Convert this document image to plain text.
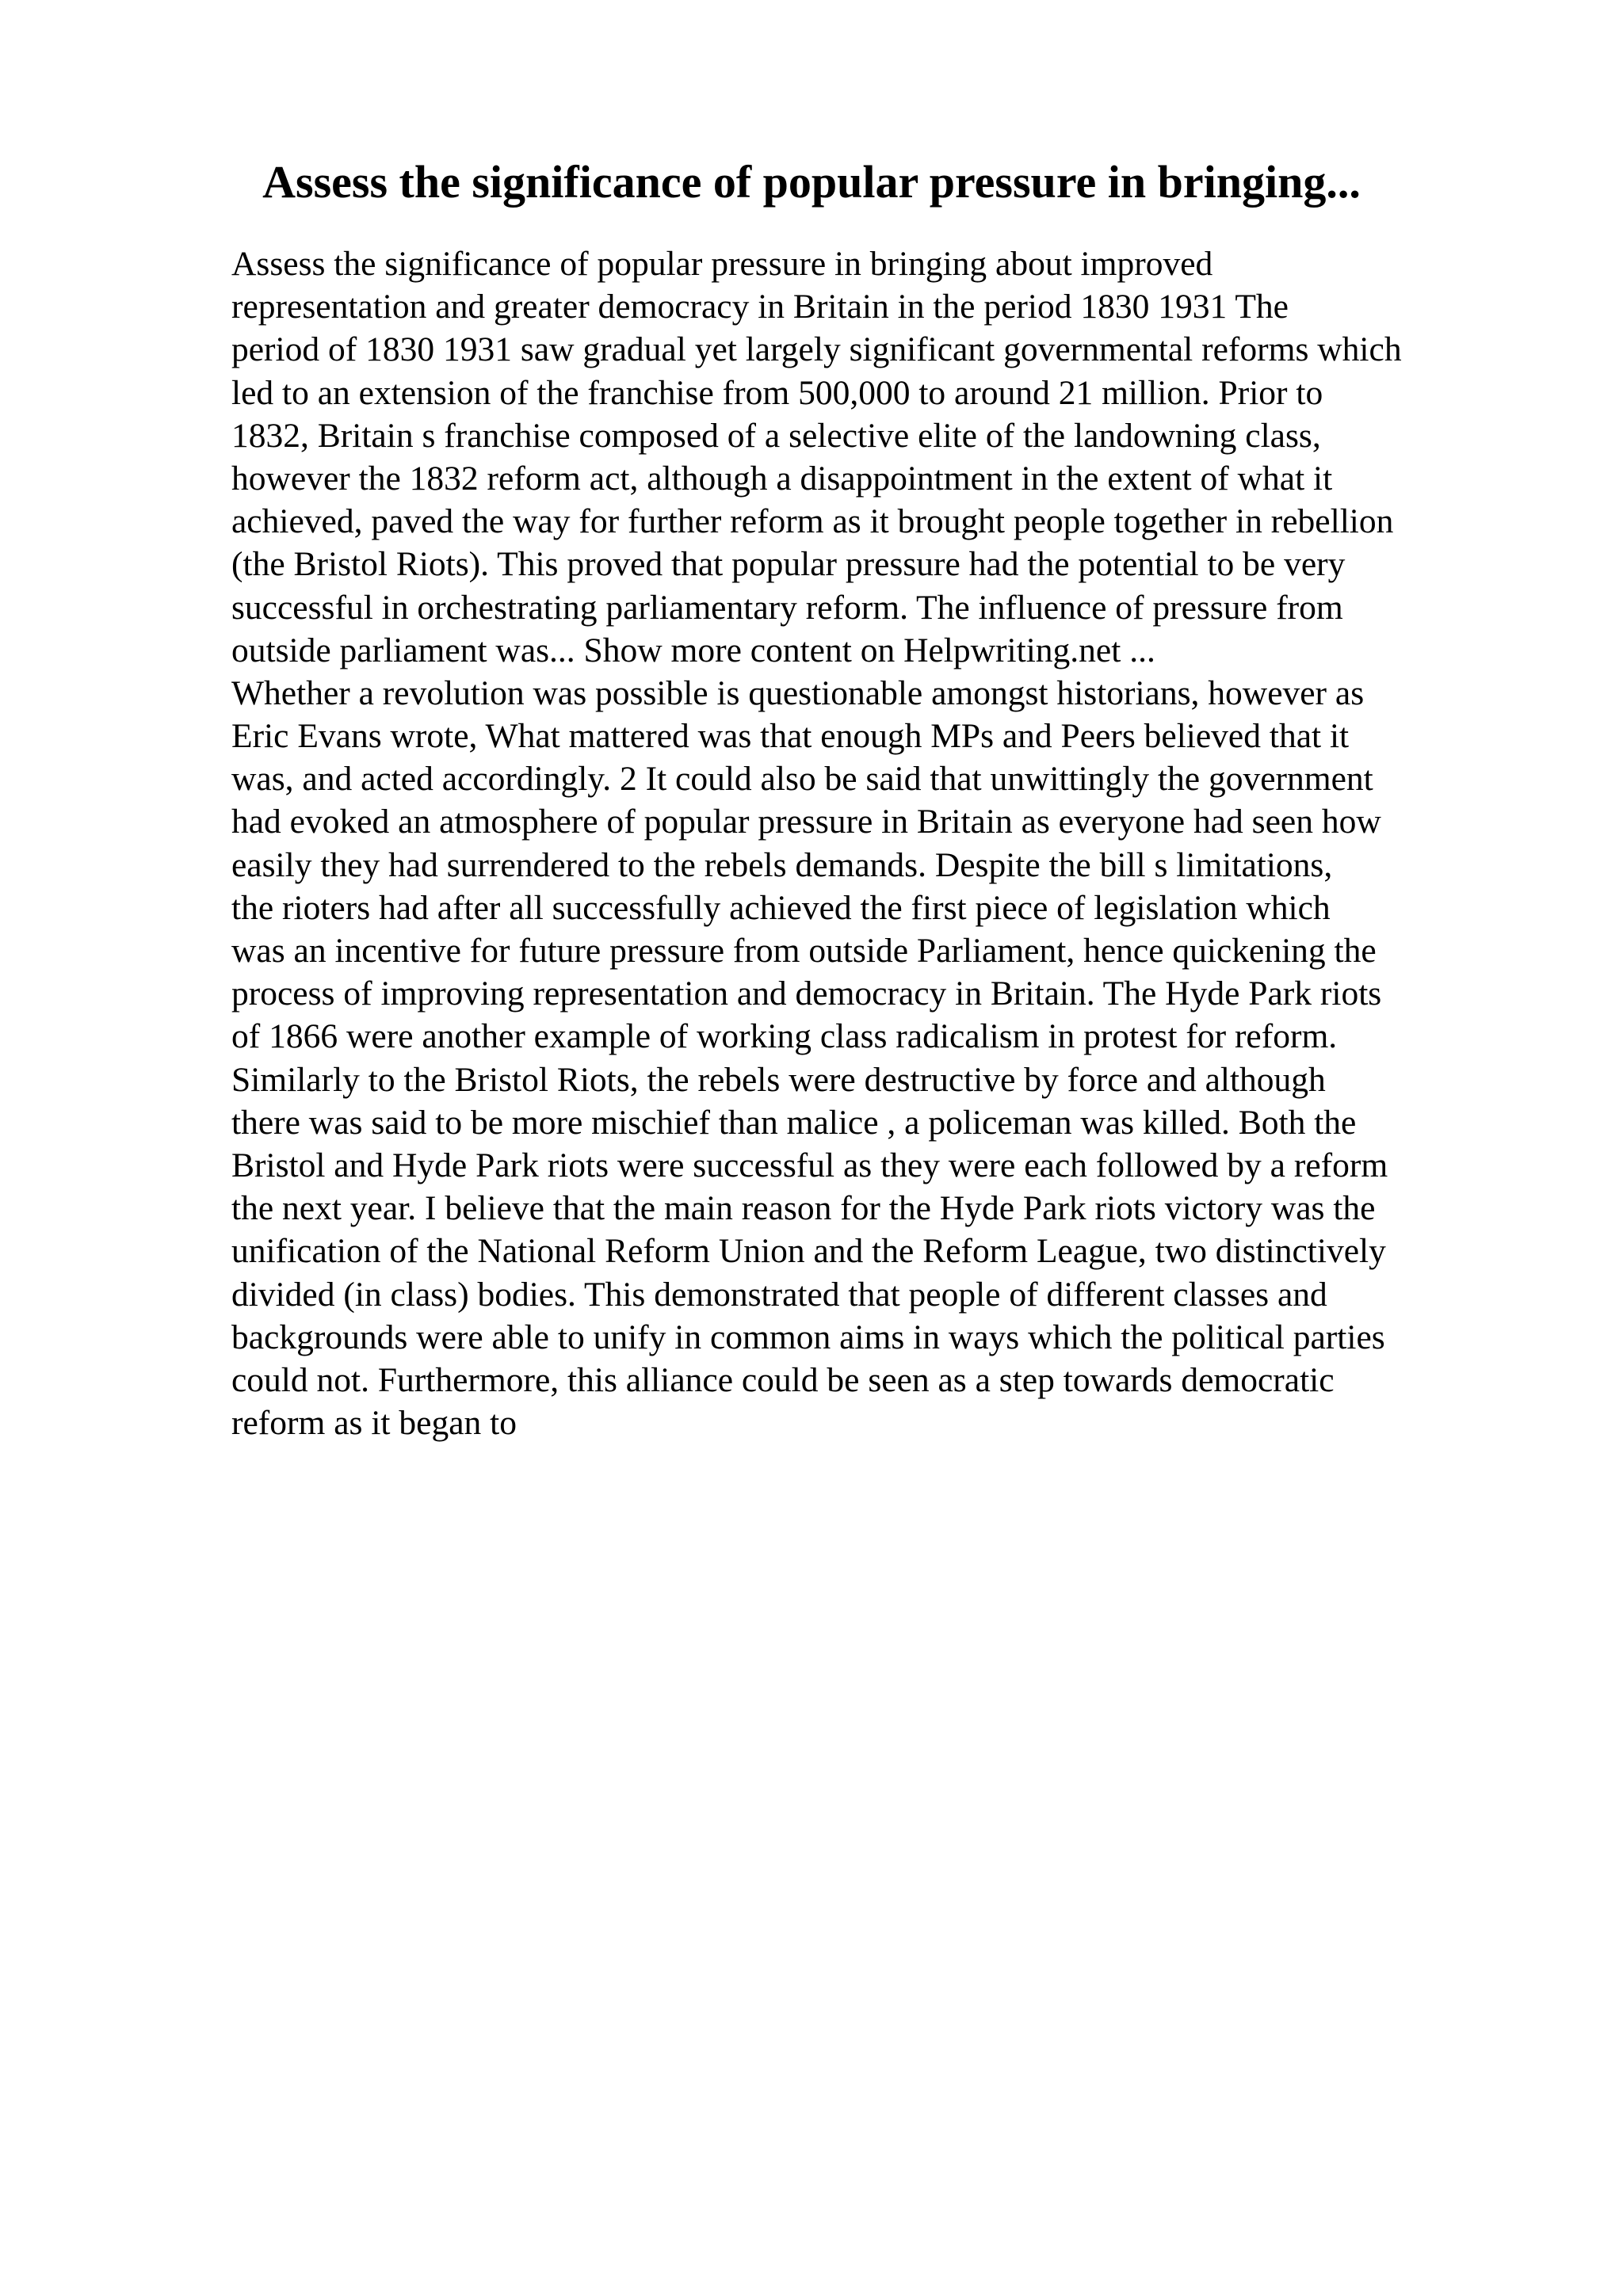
Assess the significance of popular pressure in bringing...
Assess the significance of popular pressure in bringing about improved
representation and greater democracy in Britain in the period 1830 1931 The
period of 1830 1931 saw gradual yet largely significant governmental reforms which
led to an extension of the franchise from 500,000 to around 21 million. Prior to
1832, Britain s franchise composed of a selective elite of the landowning class,
however the 1832 reform act, although a disappointment in the extent of what it
achieved, paved the way for further reform as it brought people together in rebellion
(the Bristol Riots). This proved that popular pressure had the potential to be very
successful in orchestrating parliamentary reform. The influence of pressure from
outside parliament was... Show more content on Helpwriting.net ...
Whether a revolution was possible is questionable amongst historians, however as
Eric Evans wrote, What mattered was that enough MPs and Peers believed that it
was, and acted accordingly. 2 It could also be said that unwittingly the government
had evoked an atmosphere of popular pressure in Britain as everyone had seen how
easily they had surrendered to the rebels demands. Despite the bill s limitations,
the rioters had after all successfully achieved the first piece of legislation which
was an incentive for future pressure from outside Parliament, hence quickening the
process of improving representation and democracy in Britain. The Hyde Park riots
of 1866 were another example of working class radicalism in protest for reform.
Similarly to the Bristol Riots, the rebels were destructive by force and although
there was said to be more mischief than malice , a policeman was killed. Both the
Bristol and Hyde Park riots were successful as they were each followed by a reform
the next year. I believe that the main reason for the Hyde Park riots victory was the
unification of the National Reform Union and the Reform League, two distinctively
divided (in class) bodies. This demonstrated that people of different classes and
backgrounds were able to unify in common aims in ways which the political parties
could not. Furthermore, this alliance could be seen as a step towards democratic
reform as it began to
